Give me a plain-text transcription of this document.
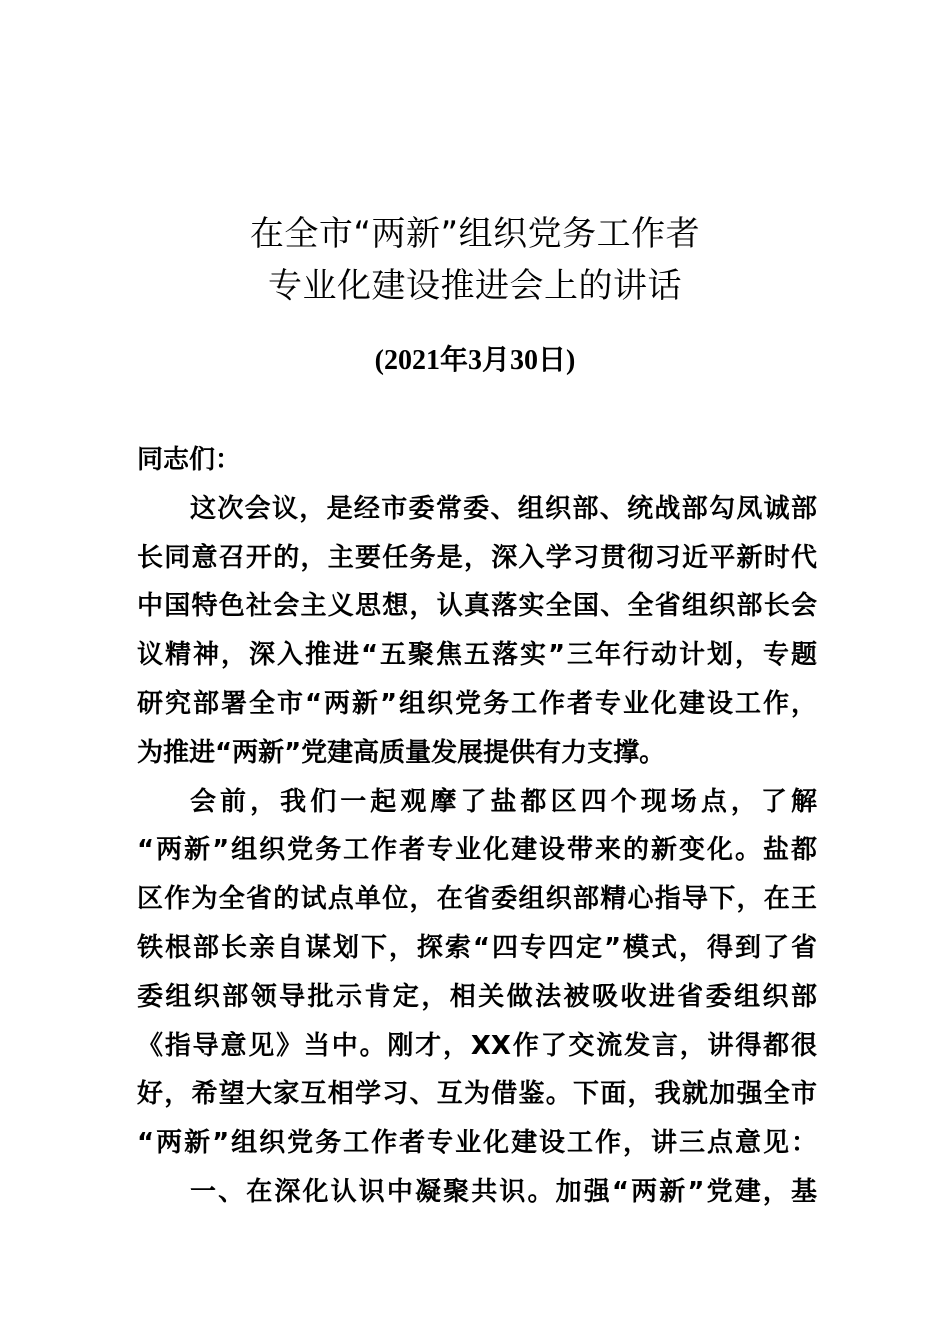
在全市“两新”组织党务工作者
专业化建设推进会上的讲话
(2021年3月30日)
同志们：
这次会议，是经市委常委、组织部、统战部勾凤诚部
长同意召开的，主要任务是，深入学习贯彻习近平新时代
中国特色社会主义思想，认真落实全国、全省组织部长会
议精神，深入推进“五聚焦五落实”三年行动计划，专题
研究部署全市“两新”组织党务工作者专业化建设工作，
为推进“两新”党建高质量发展提供有力支撑。
会前，我们一起观摩了盐都区四个现场点，了解
“两新”组织党务工作者专业化建设带来的新变化。盐都
区作为全省的试点单位，在省委组织部精心指导下，在王
铁根部长亲自谋划下，探索“四专四定”模式，得到了省
委组织部领导批示肯定，相关做法被吸收进省委组织部
《指导意见》当中。刚才，XX作了交流发言，讲得都很
好，希望大家互相学习、互为借鉴。下面，我就加强全市
“两新”组织党务工作者专业化建设工作，讲三点意见：
一、在深化认识中凝聚共识。加强“两新”党建，基
